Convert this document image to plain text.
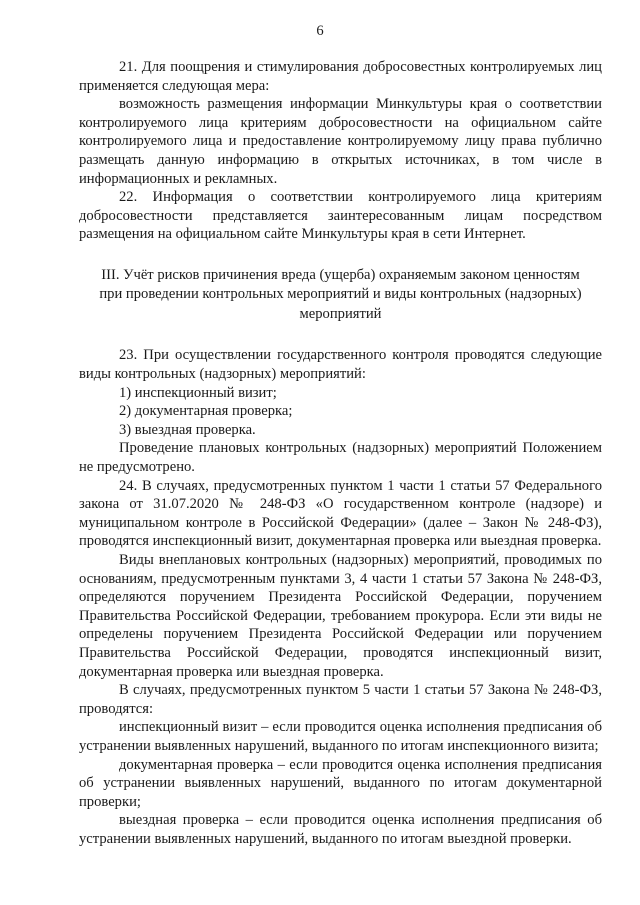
6

21. Для поощрения и стимулирования добросовестных контролируемых лиц применяется следующая мера:

возможность размещения информации Минкультуры края о соответствии контролируемого лица критериям добросовестности на официальном сайте контролируемого лица и предоставление контролируемому лицу права публично размещать данную информацию в открытых источниках, в том числе в информационных и рекламных.

22. Информация о соответствии контролируемого лица критериям добросовестности представляется заинтересованным лицам посредством размещения на официальном сайте Минкультуры края в сети Интернет.

III. Учёт рисков причинения вреда (ущерба) охраняемым законом ценностям при проведении контрольных мероприятий и виды контрольных (надзорных) мероприятий

23. При осуществлении государственного контроля проводятся следующие виды контрольных (надзорных) мероприятий:

1) инспекционный визит;

2) документарная проверка;

3) выездная проверка.

Проведение плановых контрольных (надзорных) мероприятий Положением не предусмотрено.

24. В случаях, предусмотренных пунктом 1 части 1 статьи 57 Федерального закона от 31.07.2020 № 248-ФЗ «О государственном контроле (надзоре) и муниципальном контроле в Российской Федерации» (далее – Закон № 248-ФЗ), проводятся инспекционный визит, документарная проверка или выездная проверка.

Виды внеплановых контрольных (надзорных) мероприятий, проводимых по основаниям, предусмотренным пунктами 3, 4 части 1 статьи 57 Закона № 248-ФЗ, определяются поручением Президента Российской Федерации, поручением Правительства Российской Федерации, требованием прокурора. Если эти виды не определены поручением Президента Российской Федерации или поручением Правительства Российской Федерации, проводятся инспекционный визит, документарная проверка или выездная проверка.

В случаях, предусмотренных пунктом 5 части 1 статьи 57 Закона № 248-ФЗ, проводятся:

инспекционный визит – если проводится оценка исполнения предписания об устранении выявленных нарушений, выданного по итогам инспекционного визита;

документарная проверка – если проводится оценка исполнения предписания об устранении выявленных нарушений, выданного по итогам документарной проверки;

выездная проверка – если проводится оценка исполнения предписания об устранении выявленных нарушений, выданного по итогам выездной проверки.
